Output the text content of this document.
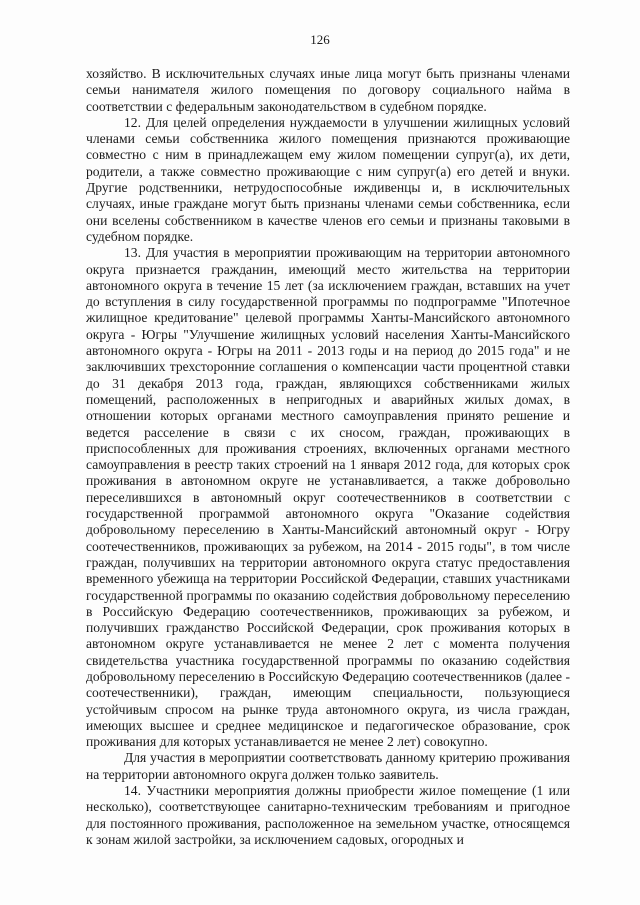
126

хозяйство. В исключительных случаях иные лица могут быть признаны членами семьи нанимателя жилого помещения по договору социального найма в соответствии с федеральным законодательством в судебном порядке.

12. Для целей определения нуждаемости в улучшении жилищных условий членами семьи собственника жилого помещения признаются проживающие совместно с ним в принадлежащем ему жилом помещении супруг(а), их дети, родители, а также совместно проживающие с ним супруг(а) его детей и внуки. Другие родственники, нетрудоспособные иждивенцы и, в исключительных случаях, иные граждане могут быть признаны членами семьи собственника, если они вселены собственником в качестве членов его семьи и признаны таковыми в судебном порядке.

13. Для участия в мероприятии проживающим на территории автономного округа признается гражданин, имеющий место жительства на территории автономного округа в течение 15 лет (за исключением граждан, вставших на учет до вступления в силу государственной программы по подпрограмме "Ипотечное жилищное кредитование" целевой программы Ханты-Мансийского автономного округа - Югры "Улучшение жилищных условий населения Ханты-Мансийского автономного округа - Югры на 2011 - 2013 годы и на период до 2015 года" и не заключивших трехсторонние соглашения о компенсации части процентной ставки до 31 декабря 2013 года, граждан, являющихся собственниками жилых помещений, расположенных в непригодных и аварийных жилых домах, в отношении которых органами местного самоуправления принято решение и ведется расселение в связи с их сносом, граждан, проживающих в приспособленных для проживания строениях, включенных органами местного самоуправления в реестр таких строений на 1 января 2012 года, для которых срок проживания в автономном округе не устанавливается, а также добровольно переселившихся в автономный округ соотечественников в соответствии с государственной программой автономного округа "Оказание содействия добровольному переселению в Ханты-Мансийский автономный округ - Югру соотечественников, проживающих за рубежом, на 2014 - 2015 годы", в том числе граждан, получивших на территории автономного округа статус предоставления временного убежища на территории Российской Федерации, ставших участниками государственной программы по оказанию содействия добровольному переселению в Российскую Федерацию соотечественников, проживающих за рубежом, и получивших гражданство Российской Федерации, срок проживания которых в автономном округе устанавливается не менее 2 лет с момента получения свидетельства участника государственной программы по оказанию содействия добровольному переселению в Российскую Федерацию соотечественников (далее - соотечественники), граждан, имеющим специальности, пользующиеся устойчивым спросом на рынке труда автономного округа, из числа граждан, имеющих высшее и среднее медицинское и педагогическое образование, срок проживания для которых устанавливается не менее 2 лет) совокупно.

Для участия в мероприятии соответствовать данному критерию проживания на территории автономного округа должен только заявитель.

14. Участники мероприятия должны приобрести жилое помещение (1 или несколько), соответствующее санитарно-техническим требованиям и пригодное для постоянного проживания, расположенное на земельном участке, относящемся к зонам жилой застройки, за исключением садовых, огородных и
